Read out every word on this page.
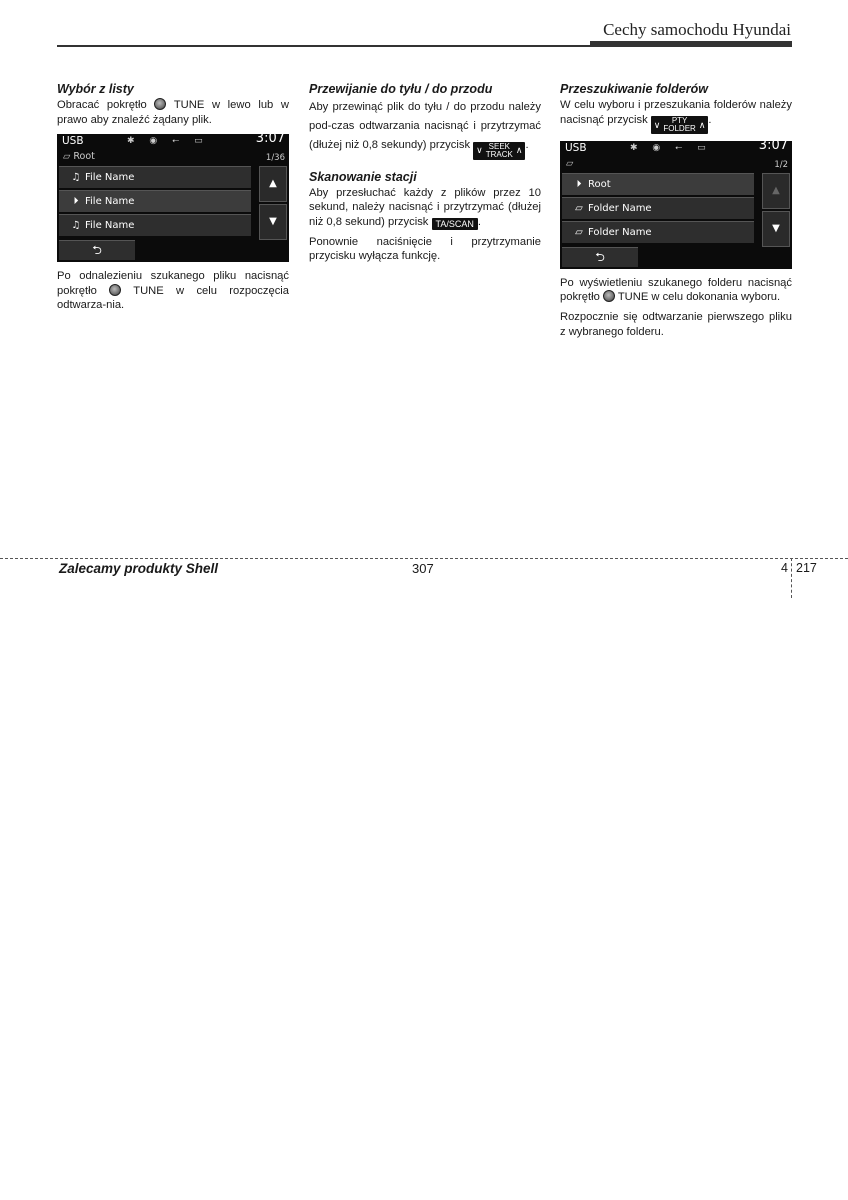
Cechy samochodu Hyundai
Wybór z listy

Obracać pokrętło TUNE w lewo lub w prawo aby znaleźć żądany plik.

USB	✱ ◉ ⭠ ▭	3:07
▱ Root	1/36
♫ File Name
⏵ File Name
♫ File Name
▲
▼
⮌

Po odnalezieniu szukanego pliku nacisnąć pokrętło	TUNE w celu rozpoczęcia odtwarza-nia.

Przewijanie do tyłu / do przodu

Aby przewinąć plik do tyłu / do przodu należy pod-czas odtwarzania nacisnąć i przytrzymać (dłużej niż 0,8 sekundy) przycisk ∨ SEEK
TRACK ∧ .

Skanowanie stacji

Aby przesłuchać każdy z plików przez 10 sekund, należy nacisnąć i przytrzymać (dłużej niż 0,8 sekund) przycisk TA/SCAN .

Ponownie naciśnięcie i przytrzymanie przycisku wyłącza funkcję.

Przeszukiwanie folderów

W celu wyboru i przeszukania folderów należy nacisnąć przycisk ∨	PTY
FOLDER ∧ .

USB	✱ ◉ ⭠ ▭	3:07
▱	1/2
⏵ Root
▱ Folder Name
▱ Folder Name
▲
▼
⮌

Po wyświetleniu szukanego folderu nacisnąć pokrętło TUNE w celu dokonania wyboru.

Rozpocznie się odtwarzanie pierwszego pliku z wybranego folderu.

Zalecamy produkty Shell	307	4 217
